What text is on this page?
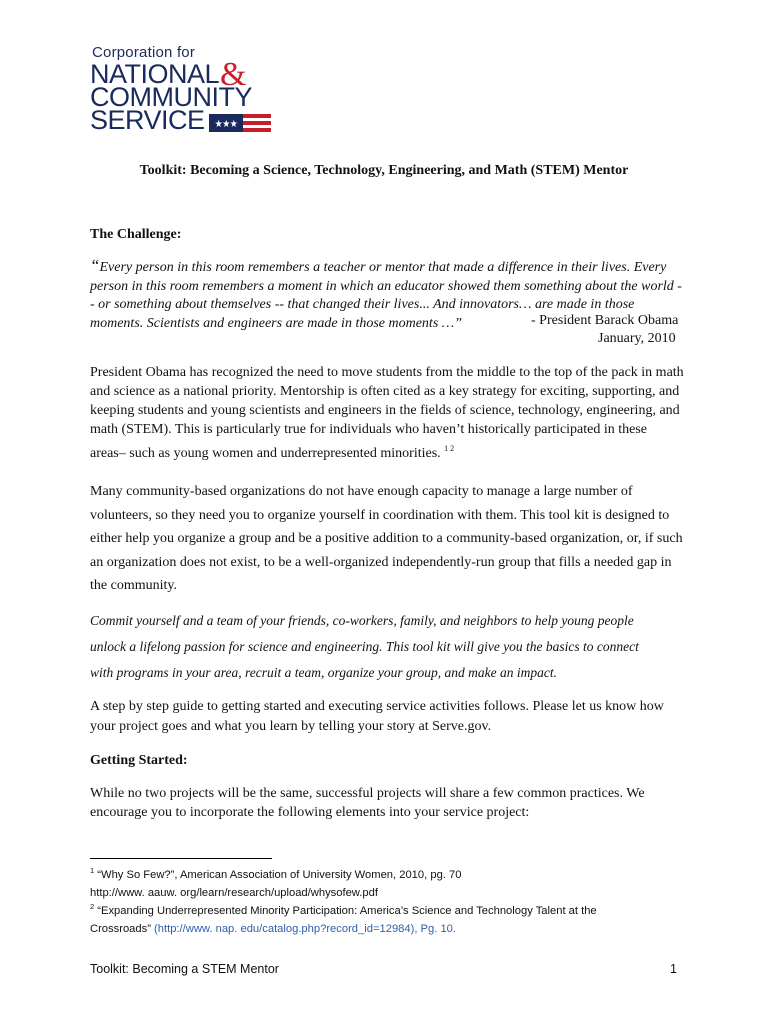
Corporation for
NATIONAL&
COMMUNITY
SERVICE ★★★
Toolkit: Becoming a Science, Technology, Engineering, and Math (STEM) Mentor
The Challenge:
“Every person in this room remembers a teacher or mentor that made a difference in their lives. Every
person in this room remembers a moment in which an educator showed them something about the world -
- or something about themselves -- that changed their lives... And innovators… are made in those
moments. Scientists and engineers are made in those moments …”	- President Barack Obama
January, 2010
President Obama has recognized the need to move students from the middle to the top of the pack in math
and science as a national priority. Mentorship is often cited as a key strategy for exciting, supporting, and
keeping students and young scientists and engineers in the fields of science, technology, engineering, and
math (STEM). This is particularly true for individuals who haven’t historically participated in these
areas– such as young women and underrepresented minorities. $^{1 2}$
Many community-based organizations do not have enough capacity to manage a large number of
volunteers, so they need you to organize yourself in coordination with them. This tool kit is designed to
either help you organize a group and be a positive addition to a community-based organization, or, if such
an organization does not exist, to be a well-organized independently-run group that fills a needed gap in
the community.
Commit yourself and a team of your friends, co-workers, family, and neighbors to help young people
unlock a lifelong passion for science and engineering. This tool kit will give you the basics to connect
with programs in your area, recruit a team, organize your group, and make an impact.
A step by step guide to getting started and executing service activities follows. Please let us know how
your project goes and what you learn by telling your story at Serve.gov.
Getting Started:
While no two projects will be the same, successful projects will share a few common practices. We
encourage you to incorporate the following elements into your service project:
$^1$ “Why So Few?”, American Association of University Women, 2010, pg. 70
http://www. aauw. org/learn/research/upload/whysofew.pdf
$^2$ “Expanding Underrepresented Minority Participation: America’s Science and Technology Talent at the
Crossroads” (http://www. nap. edu/catalog.php?record_id=12984), Pg. 10.
Toolkit: Becoming a STEM Mentor	1
